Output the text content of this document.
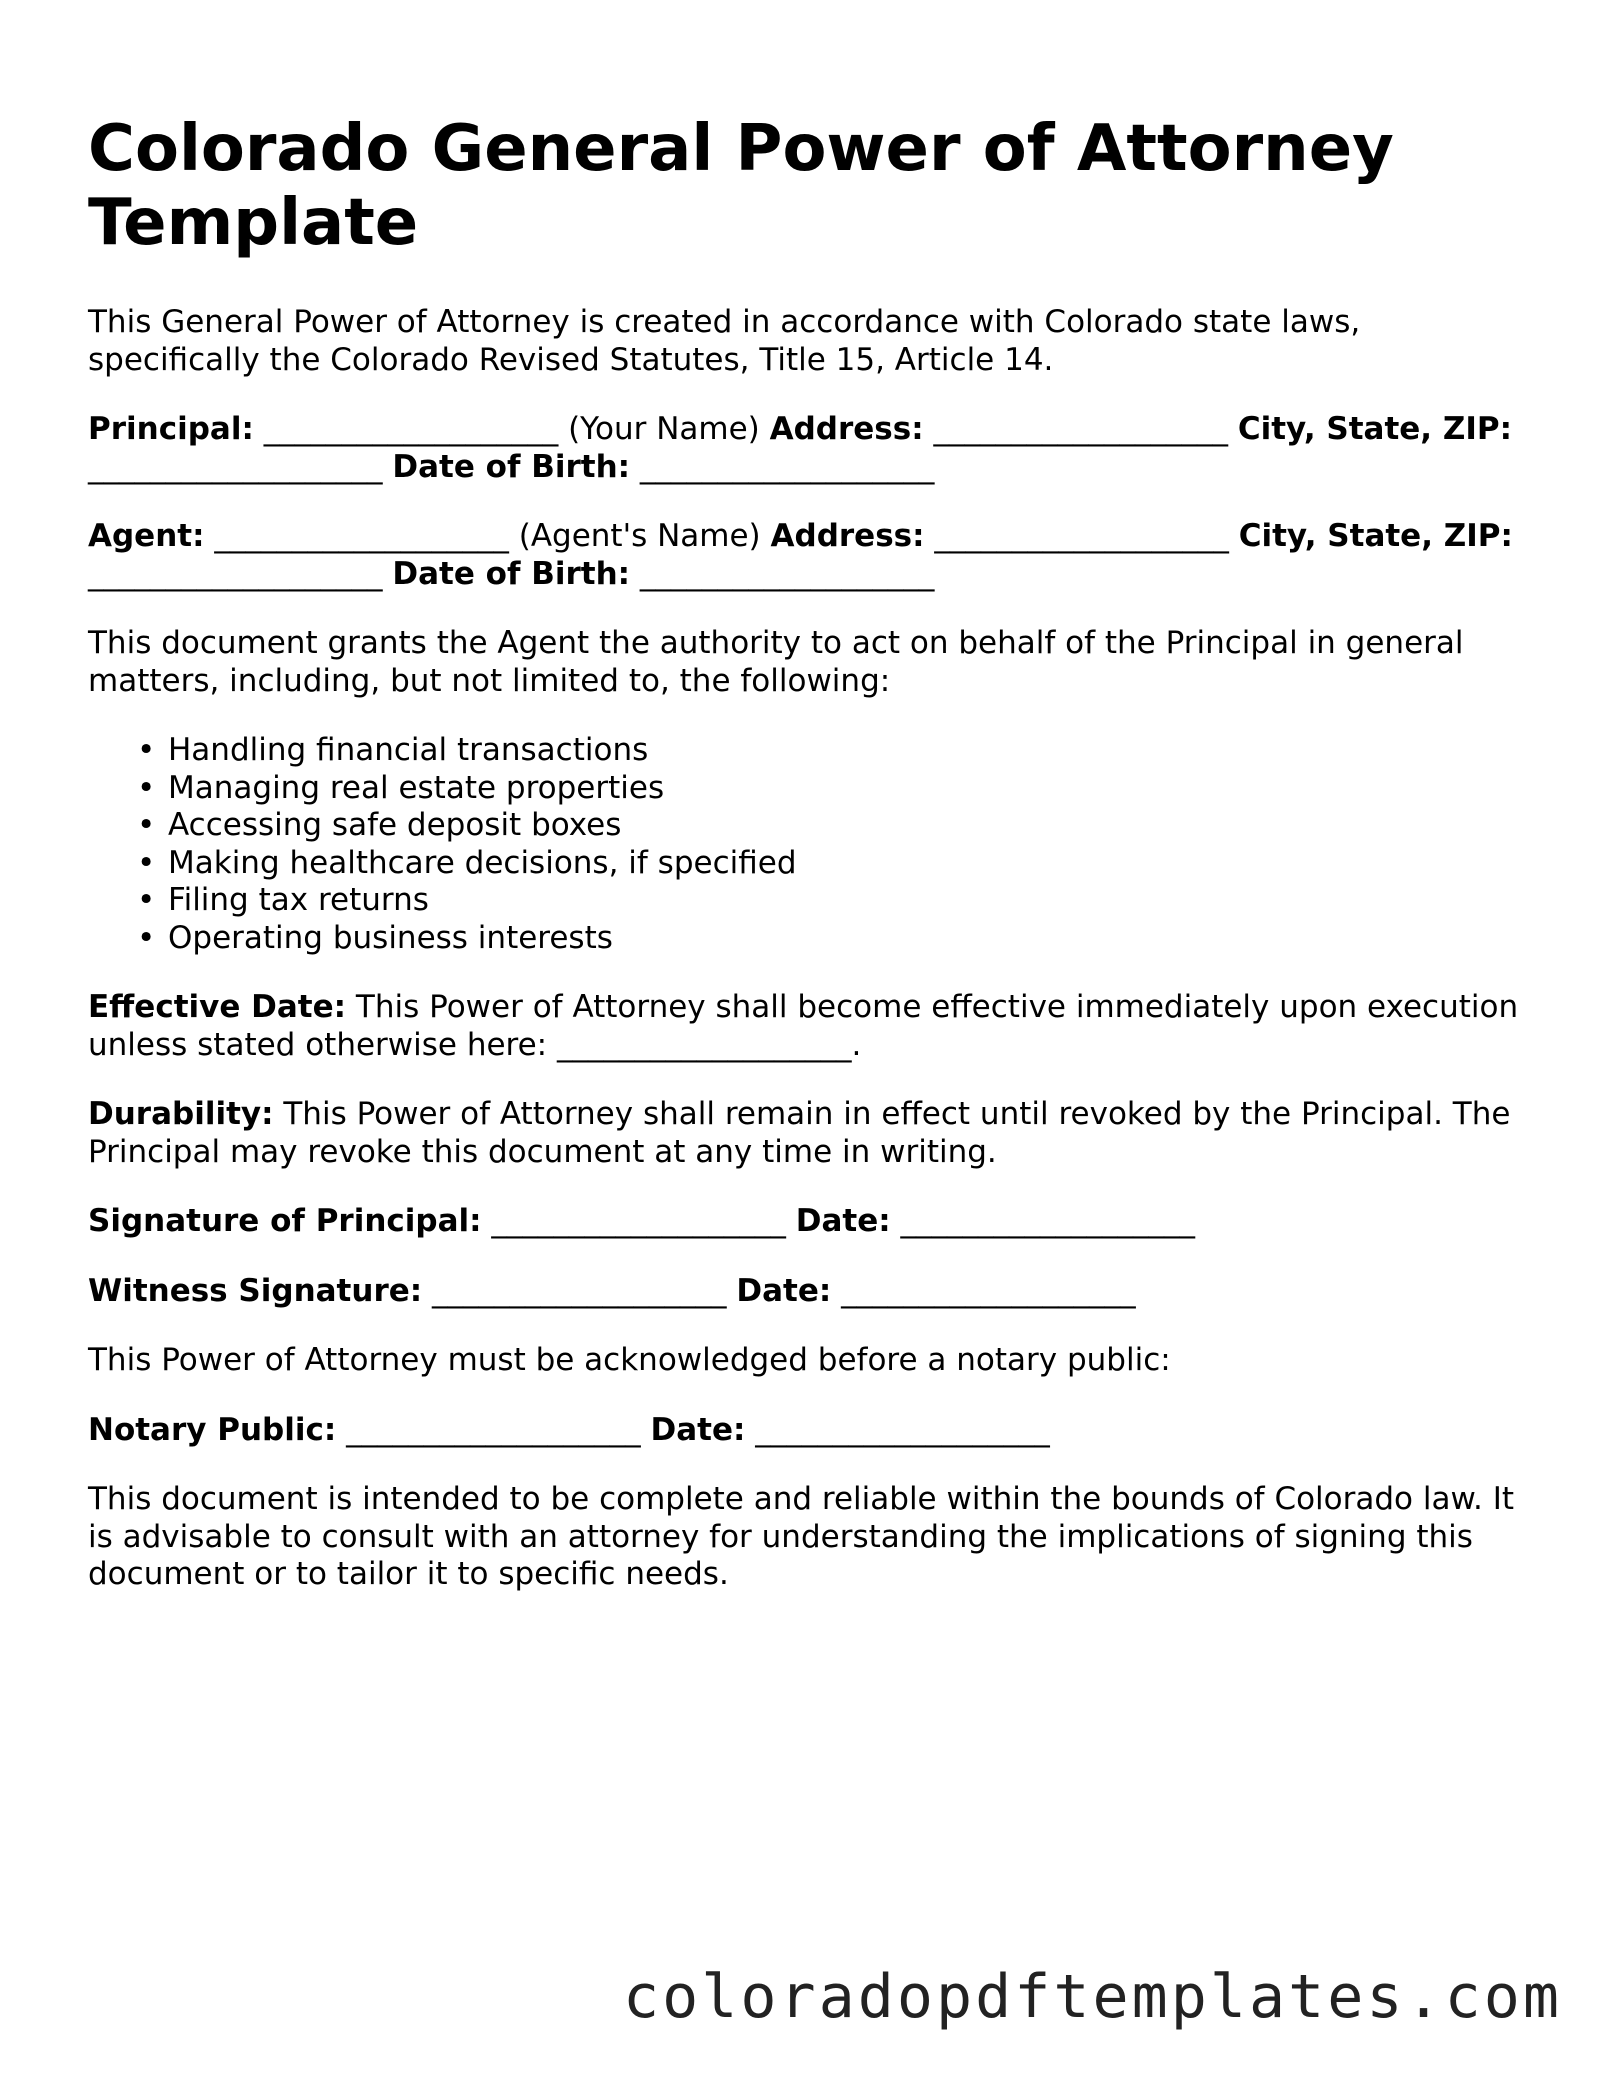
Colorado General Power of Attorney Template

This General Power of Attorney is created in accordance with Colorado state laws, specifically the Colorado Revised Statutes, Title 15, Article 14.

Principal: ___________________ (Your Name) Address: ___________________ City, State, ZIP: ___________________ Date of Birth: ___________________

Agent: ___________________ (Agent's Name) Address: ___________________ City, State, ZIP: ___________________ Date of Birth: ___________________

This document grants the Agent the authority to act on behalf of the Principal in general matters, including, but not limited to, the following:

• Handling financial transactions
• Managing real estate properties
• Accessing safe deposit boxes
• Making healthcare decisions, if specified
• Filing tax returns
• Operating business interests

Effective Date: This Power of Attorney shall become effective immediately upon execution unless stated otherwise here: ___________________.

Durability: This Power of Attorney shall remain in effect until revoked by the Principal. The Principal may revoke this document at any time in writing.

Signature of Principal: ___________________ Date: ___________________

Witness Signature: ___________________ Date: ___________________

This Power of Attorney must be acknowledged before a notary public:

Notary Public: ___________________ Date: ___________________

This document is intended to be complete and reliable within the bounds of Colorado law. It is advisable to consult with an attorney for understanding the implications of signing this document or to tailor it to specific needs.

coloradopdftemplates.com
